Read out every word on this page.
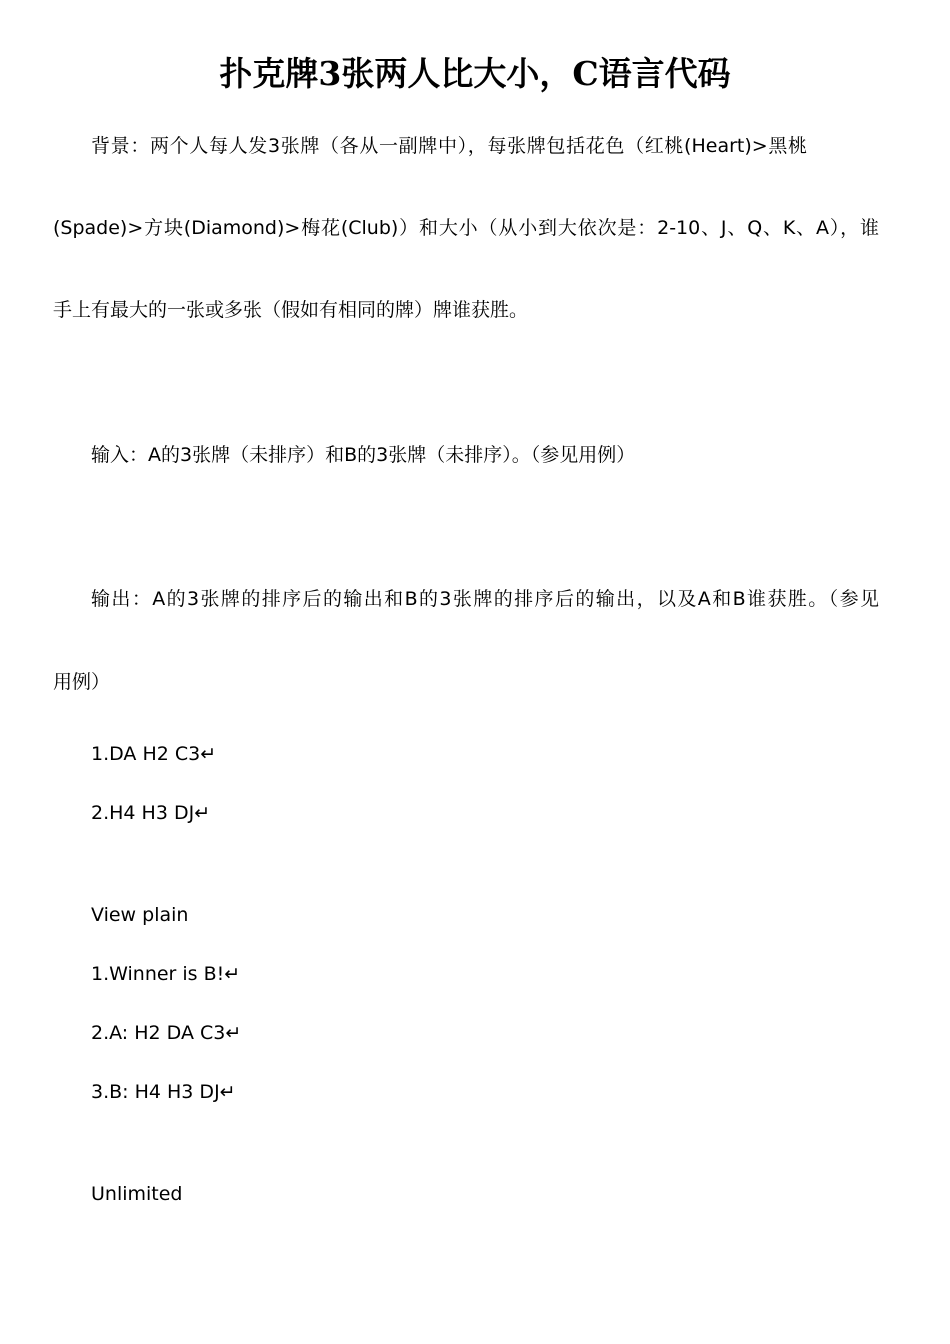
扑克牌3张两人比大小，C语言代码
背景：两个人每人发3张牌（各从一副牌中），每张牌包括花色（红桃(Heart)>黑桃
(Spade)>方块(Diamond)>梅花(Club)）和大小（从小到大依次是：2-10、J、Q、K、A），谁
手上有最大的一张或多张（假如有相同的牌）牌谁获胜。
输入：A的3张牌（未排序）和B的3张牌（未排序）。（参见用例）
输出：A的3张牌的排序后的输出和B的3张牌的排序后的输出，以及A和B谁获胜。（参见
用例）
1.DA H2 C3↵
2.H4 H3 DJ↵
View plain
1.Winner is B!↵
2.A: H2 DA C3↵
3.B: H4 H3 DJ↵
Unlimited
